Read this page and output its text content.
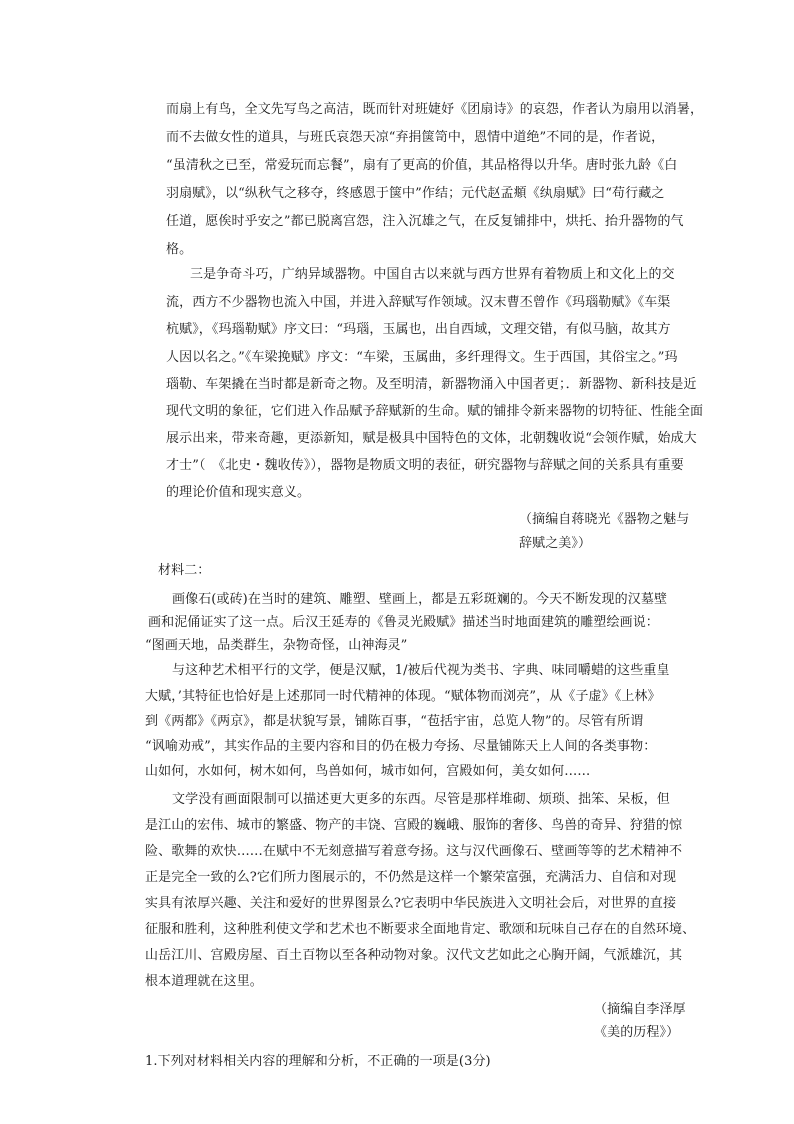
而扇上有鸟，全文先写鸟之高洁，既而针对班婕妤《团扇诗》的哀怨，作者认为扇用以消暑，
而不去做女性的道具，与班氏哀怨天凉“弃捐箧笥中，恩情中道绝”不同的是，作者说，
“虽清秋之已至，常爱玩而忘餐”，扇有了更高的价值，其品格得以升华。唐时张九龄《白
羽扇赋》，以“纵秋气之移夺，终感恩于箧中”作结；元代赵孟頫《纨扇赋》曰“苟行藏之
任道，愿俟时乎安之”都已脱离宫怨，注入沉雄之气，在反复铺排中，烘托、抬升器物的气
格。
三是争奇斗巧，广纳异域器物。中国自古以来就与西方世界有着物质上和文化上的交
流，西方不少器物也流入中国，并进入辞赋写作领域。汉末曹丕曾作《玛瑙勒赋》《车渠
杭赋》，《玛瑙勒赋》序文曰：“玛瑙，玉属也，出自西域，文理交错，有似马脑，故其方
人因以名之。”《车梁挽赋》序文：“车梁，玉属曲，多纤理得文。生于西国，其俗宝之。”玛
瑙勒、车架撬在当时都是新奇之物。及至明清，新器物涌入中国者更；．新器物、新科技是近
现代文明的象征，它们进入作品赋予辞赋新的生命。赋的铺排令新来器物的切特征、性能全面
展示出来，带来奇趣，更添新知，赋是极具中国特色的文体，北朝魏收说“会领作赋，始成大
才士”（　《北史・魏收传》），器物是物质文明的表征，研究器物与辞赋之间的关系具有重要
的理论价值和现实意义。
（摘编自蒋晓光《器物之魅与
辞赋之美》）
材料二：
画像石(或砖)在当时的建筑、雕塑、壁画上，都是五彩斑斓的。今天不断发现的汉墓壁
画和泥俑证实了这一点。后汉王延寿的《鲁灵光殿赋》描述当时地面建筑的雕塑绘画说：
“图画天地，品类群生，杂物奇怪，山神海灵”
与这种艺术相平行的文学，便是汉赋，1/被后代视为类书、字典、味同嚼蜡的这些重皇
大赋，’其特征也恰好是上述那同一时代精神的体现。“赋体物而浏亮”，从《子虚》《上林》
到《两都》《两京》，都是状貌写景，铺陈百事，“苞括宇宙，总览人物”的。尽管有所谓
“讽喻劝戒”，其实作品的主要内容和目的仍在极力夸扬、尽量铺陈天上人间的各类事物：
山如何，水如何，树木如何，鸟兽如何，城市如何，宫殿如何，美女如何……
文学没有画面限制可以描述更大更多的东西。尽管是那样堆砌、烦琐、拙笨、呆板，但
是江山的宏伟、城市的繁盛、物产的丰饶、宫殿的巍峨、服饰的奢侈、鸟兽的奇异、狩猎的惊
险、歌舞的欢快……在赋中不无刻意描写着意夸扬。这与汉代画像石、壁画等等的艺术精神不
正是完全一致的么?它们所力图展示的，不仍然是这样一个繁荣富强，充满活力、自信和对现
实具有浓厚兴趣、关注和爱好的世界图景么?它表明中华民族进入文明社会后，对世界的直接
征服和胜利，这种胜利使文学和艺术也不断要求全面地肯定、歌颂和玩味自己存在的自然环境、
山岳江川、宫殿房屋、百土百物以至各种动物对象。汉代文艺如此之心胸开阔，气派雄沉，其
根本道理就在这里。
（摘编自李泽厚
《美的历程》）
1.下列对材料相关内容的理解和分析，不正确的一项是(3分)
